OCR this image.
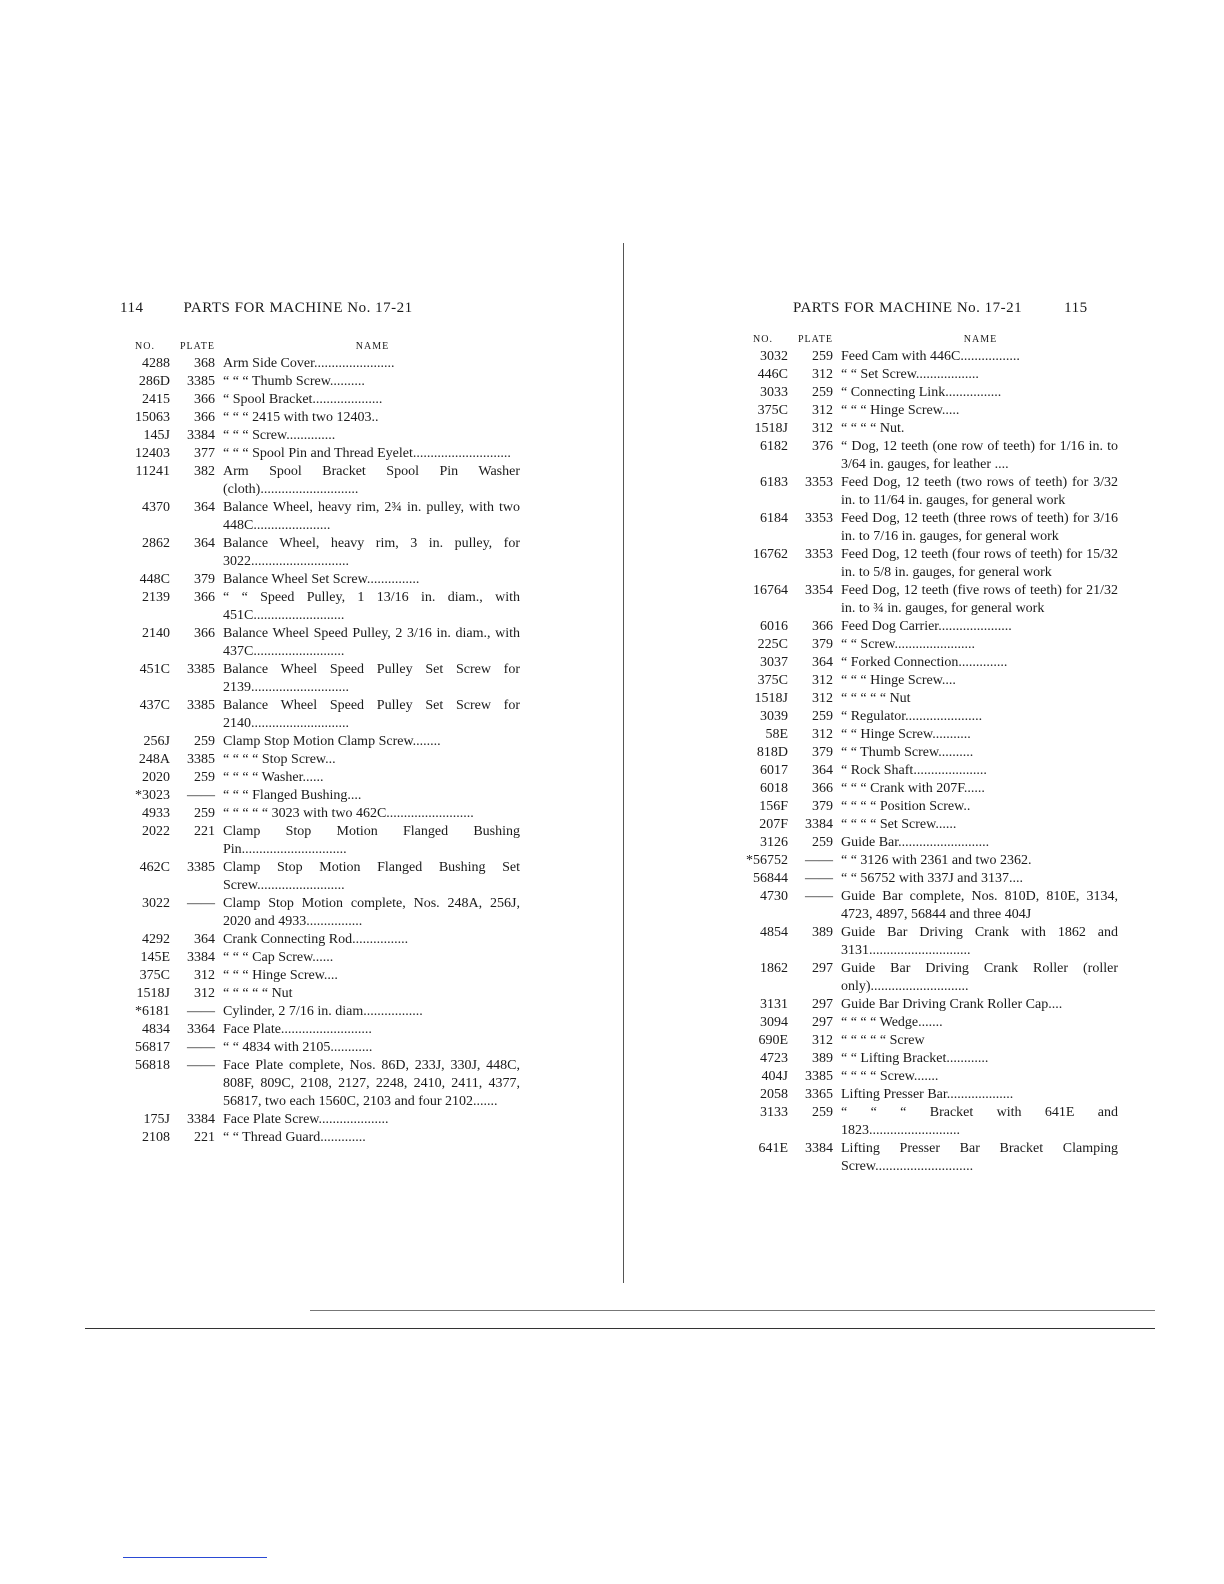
114	PARTS FOR MACHINE No. 17-21
NO.	PLATE	NAME
4288	368 Arm Side Cover.......................
286D	3385 “ “ “ Thumb Screw..........
2415	366 “ Spool Bracket....................
15063	366 “ “ “ 2415 with two 12403..
145J	3384 “ “ “ Screw..............
12403	377 “ “ “ Spool Pin and Thread Eyelet............................
11241	382 Arm Spool Bracket Spool Pin Washer (cloth)............................
4370	364 Balance Wheel, heavy rim, 2¾ in. pulley, with two 448C......................
2862	364 Balance Wheel, heavy rim, 3 in. pulley, for 3022............................
448C	379 Balance Wheel Set Screw...............
2139	366 “ “ Speed Pulley, 1 13/16 in. diam., with 451C..........................
2140	366 Balance Wheel Speed Pulley, 2 3/16 in. diam., with 437C..........................
451C	3385 Balance Wheel Speed Pulley Set Screw for 2139............................
437C	3385 Balance Wheel Speed Pulley Set Screw for 2140............................
256J	259 Clamp Stop Motion Clamp Screw........
248A	3385 “ “ “ “ Stop Screw...
2020	259 “ “ “ “ Washer......
*3023	—— “ “ “ Flanged Bushing....
4933	259 “ “ “ “ “ 3023 with two 462C.........................
2022	221 Clamp Stop Motion Flanged Bushing Pin..............................
462C	3385 Clamp Stop Motion Flanged Bushing Set Screw.........................
3022	—— Clamp Stop Motion complete, Nos. 248A, 256J, 2020 and 4933................
4292	364 Crank Connecting Rod................
145E	3384 “ “ “ Cap Screw......
375C	312 “ “ “ Hinge Screw....
1518J	312 “ “ “ “ “ Nut
*6181	—— Cylinder, 2 7/16 in. diam.................
4834	3364 Face Plate..........................
56817	—— “ “ 4834 with 2105............
56818	—— Face Plate complete, Nos. 86D, 233J, 330J, 448C, 808F, 809C, 2108, 2127, 2248, 2410, 2411, 4377, 56817, two each 1560C, 2103 and four 2102.......
175J	3384 Face Plate Screw....................
2108	221 “ “ Thread Guard.............
PARTS FOR MACHINE No. 17-21	115
NO.	PLATE	NAME
3032	259 Feed Cam with 446C.................
446C	312 “ “ Set Screw..................
3033	259 “ Connecting Link................
375C	312 “ “ “ Hinge Screw.....
1518J	312 “ “ “ “ Nut.
6182	376 “ Dog, 12 teeth (one row of teeth) for 1/16 in. to 3/64 in. gauges, for leather ....
6183	3353 Feed Dog, 12 teeth (two rows of teeth) for 3/32 in. to 11/64 in. gauges, for general work
6184	3353 Feed Dog, 12 teeth (three rows of teeth) for 3/16 in. to 7/16 in. gauges, for general work
16762	3353 Feed Dog, 12 teeth (four rows of teeth) for 15/32 in. to 5/8 in. gauges, for general work
16764	3354 Feed Dog, 12 teeth (five rows of teeth) for 21/32 in. to ¾ in. gauges, for general work
6016	366 Feed Dog Carrier.....................
225C	379 “ “ Screw.......................
3037	364 “ Forked Connection..............
375C	312 “ “ “ Hinge Screw....
1518J	312 “ “ “ “ “ Nut
3039	259 “ Regulator......................
58E	312 “ “ Hinge Screw...........
818D	379 “ “ Thumb Screw..........
6017	364 “ Rock Shaft.....................
6018	366 “ “ “ Crank with 207F......
156F	379 “ “ “ “ Position Screw..
207F	3384 “ “ “ “ Set Screw......
3126	259 Guide Bar..........................
*56752	—— “ “ 3126 with 2361 and two 2362.
56844	—— “ “ 56752 with 337J and 3137....
4730	—— Guide Bar complete, Nos. 810D, 810E, 3134, 4723, 4897, 56844 and three 404J
4854	389 Guide Bar Driving Crank with 1862 and 3131.............................
1862	297 Guide Bar Driving Crank Roller (roller only)............................
3131	297 Guide Bar Driving Crank Roller Cap....
3094	297 “ “ “ “ Wedge.......
690E	312 “ “ “ “ “ Screw
4723	389 “ “ Lifting Bracket............
404J	3385 “ “ “ “ Screw.......
2058	3365 Lifting Presser Bar...................
3133	259 “ “ “ Bracket with 641E and 1823..........................
641E	3384 Lifting Presser Bar Bracket Clamping Screw............................
